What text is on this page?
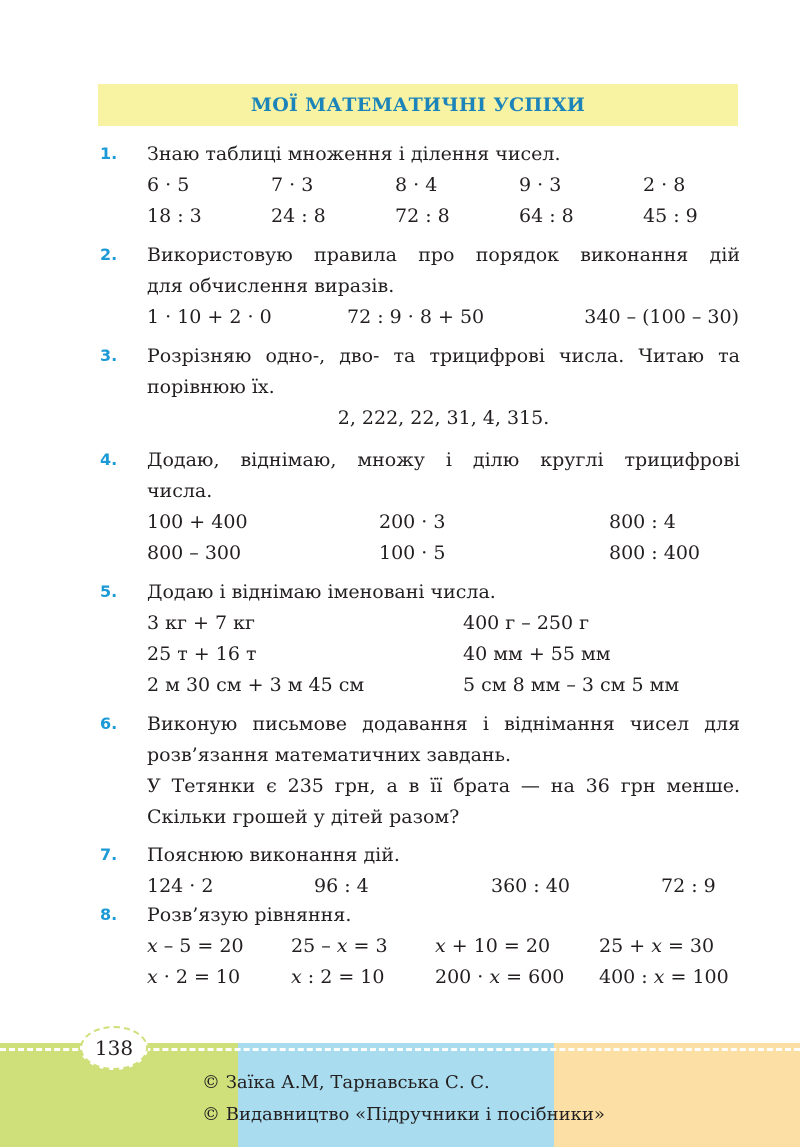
МОЇ МАТЕМАТИЧНІ УСПІХИ
1. Знаю таблиці множення і ділення чисел.
6 · 5	7 · 3	8 · 4	9 · 3	2 · 8
18 : 3	24 : 8	72 : 8	64 : 8	45 : 9
2. Використовую правила про порядок виконання дій
для обчислення виразів.
1 · 10 + 2 · 0	72 : 9 · 8 + 50	340 – (100 – 30)
3. Розрізняю одно-, дво- та трицифрові числа. Читаю та
порівнюю їх.
2, 222, 22, 31, 4, 315.
4. Додаю, віднімаю, множу і ділю круглі трицифрові
числа.
100 + 400	200 · 3	800 : 4
800 – 300	100 · 5	800 : 400
5. Додаю і віднімаю іменовані числа.
3 кг + 7 кг	400 г – 250 г
25 т + 16 т	40 мм + 55 мм
2 м 30 см + 3 м 45 см	5 см 8 мм – 3 см 5 мм
6. Виконую письмове додавання і віднімання чисел для
розв’язання математичних завдань.
У Тетянки є 235 грн, а в її брата — на 36 грн менше.
Скільки грошей у дітей разом?
7. Пояснюю виконання дій.
124 · 2	96 : 4	360 : 40	72 : 9
8. Розв’язую рівняння.
x – 5 = 20	25 – x = 3	x + 10 = 20	25 + x = 30
x · 2 = 10	x : 2 = 10	200 · x = 600	400 : x = 100
138
© Заїка А.М, Тарнавська С. С.
© Видавництво «Підручники і посібники»
